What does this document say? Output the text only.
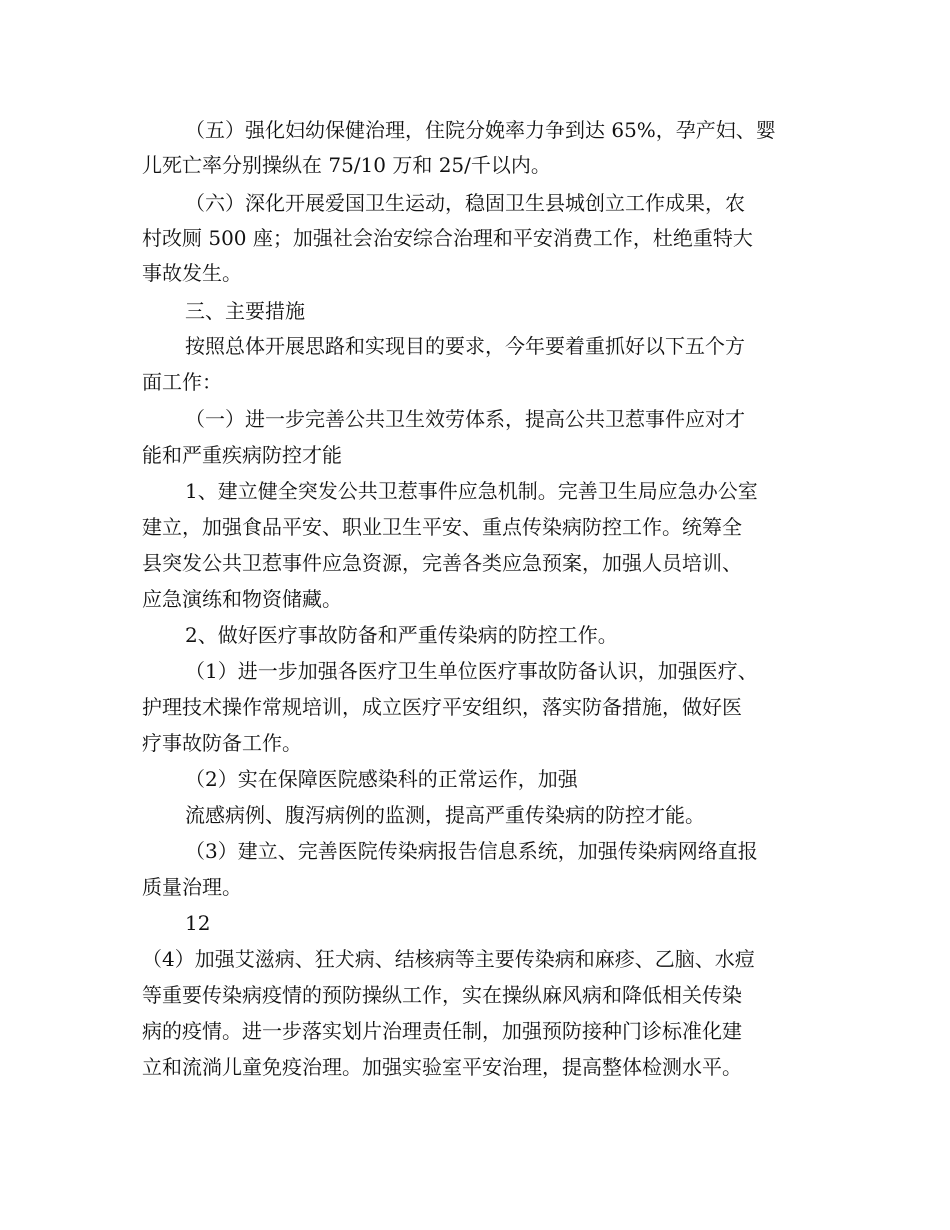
（五）强化妇幼保健治理，住院分娩率力争到达 65%，孕产妇、婴
儿死亡率分别操纵在 75/10 万和 25/千以内。
（六）深化开展爱国卫生运动，稳固卫生县城创立工作成果，农
村改厕 500 座；加强社会治安综合治理和平安消费工作，杜绝重特大
事故发生。
三、主要措施
按照总体开展思路和实现目的要求，今年要着重抓好以下五个方
面工作：
（一）进一步完善公共卫生效劳体系，提高公共卫惹事件应对才
能和严重疾病防控才能
1、建立健全突发公共卫惹事件应急机制。完善卫生局应急办公室
建立，加强食品平安、职业卫生平安、重点传染病防控工作。统筹全
县突发公共卫惹事件应急资源，完善各类应急预案，加强人员培训、
应急演练和物资储藏。
2、做好医疗事故防备和严重传染病的防控工作。
（1）进一步加强各医疗卫生单位医疗事故防备认识，加强医疗、
护理技术操作常规培训，成立医疗平安组织，落实防备措施，做好医
疗事故防备工作。
（2）实在保障医院感染科的正常运作，加强
流感病例、腹泻病例的监测，提高严重传染病的防控才能。
（3）建立、完善医院传染病报告信息系统，加强传染病网络直报
质量治理。
12
（4）加强艾滋病、狂犬病、结核病等主要传染病和麻疹、乙脑、水痘
等重要传染病疫情的预防操纵工作，实在操纵麻风病和降低相关传染
病的疫情。进一步落实划片治理责任制，加强预防接种门诊标准化建
立和流淌儿童免疫治理。加强实验室平安治理，提高整体检测水平。
